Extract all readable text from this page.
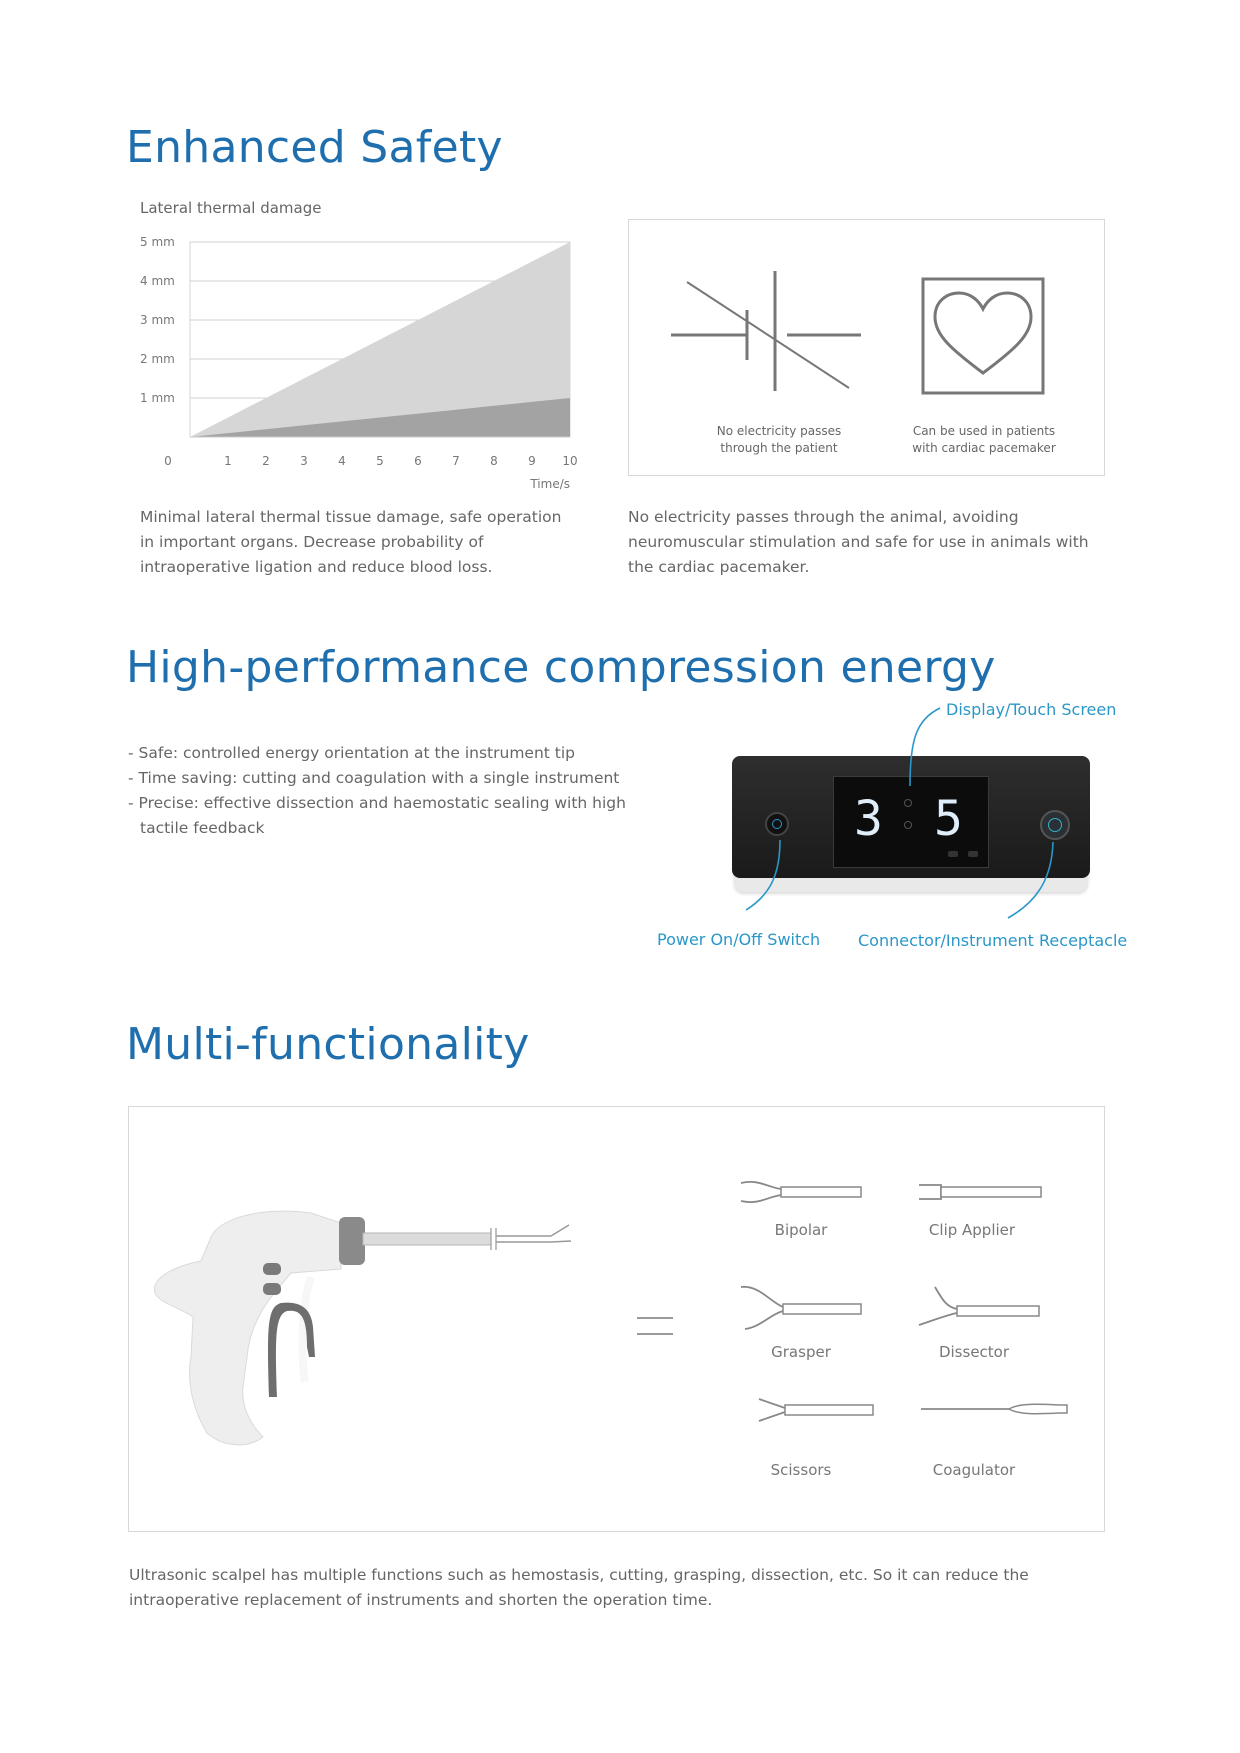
Enhanced Safety
Lateral thermal damage
1 mm
2 mm
3 mm
4 mm
5 mm
0	1	2	3	4	5	6	7	8	9 10
Time/s
No electricity passes through the patient
Can be used in patients with cardiac pacemaker
Minimal lateral thermal tissue damage, safe operation in important organs. Decrease probability of intraoperative ligation and reduce blood loss.
No electricity passes through the animal, avoiding neuromuscular stimulation and safe for use in animals with the cardiac pacemaker.
High-performance compression energy
- Safe: controlled energy orientation at the instrument tip
- Time saving: cutting and coagulation with a single instrument
- Precise: effective dissection and haemostatic sealing with high
tactile feedback	3 5
Display/Touch Screen
Power On/Off Switch Connector/Instrument Receptacle
Multi-functionality
Bipolar	Clip Applier
Grasper	Dissector
Scissors	Coagulator
Ultrasonic scalpel has multiple functions such as hemostasis, cutting, grasping, dissection, etc. So it can reduce the intraoperative replacement of instruments and shorten the operation time.
